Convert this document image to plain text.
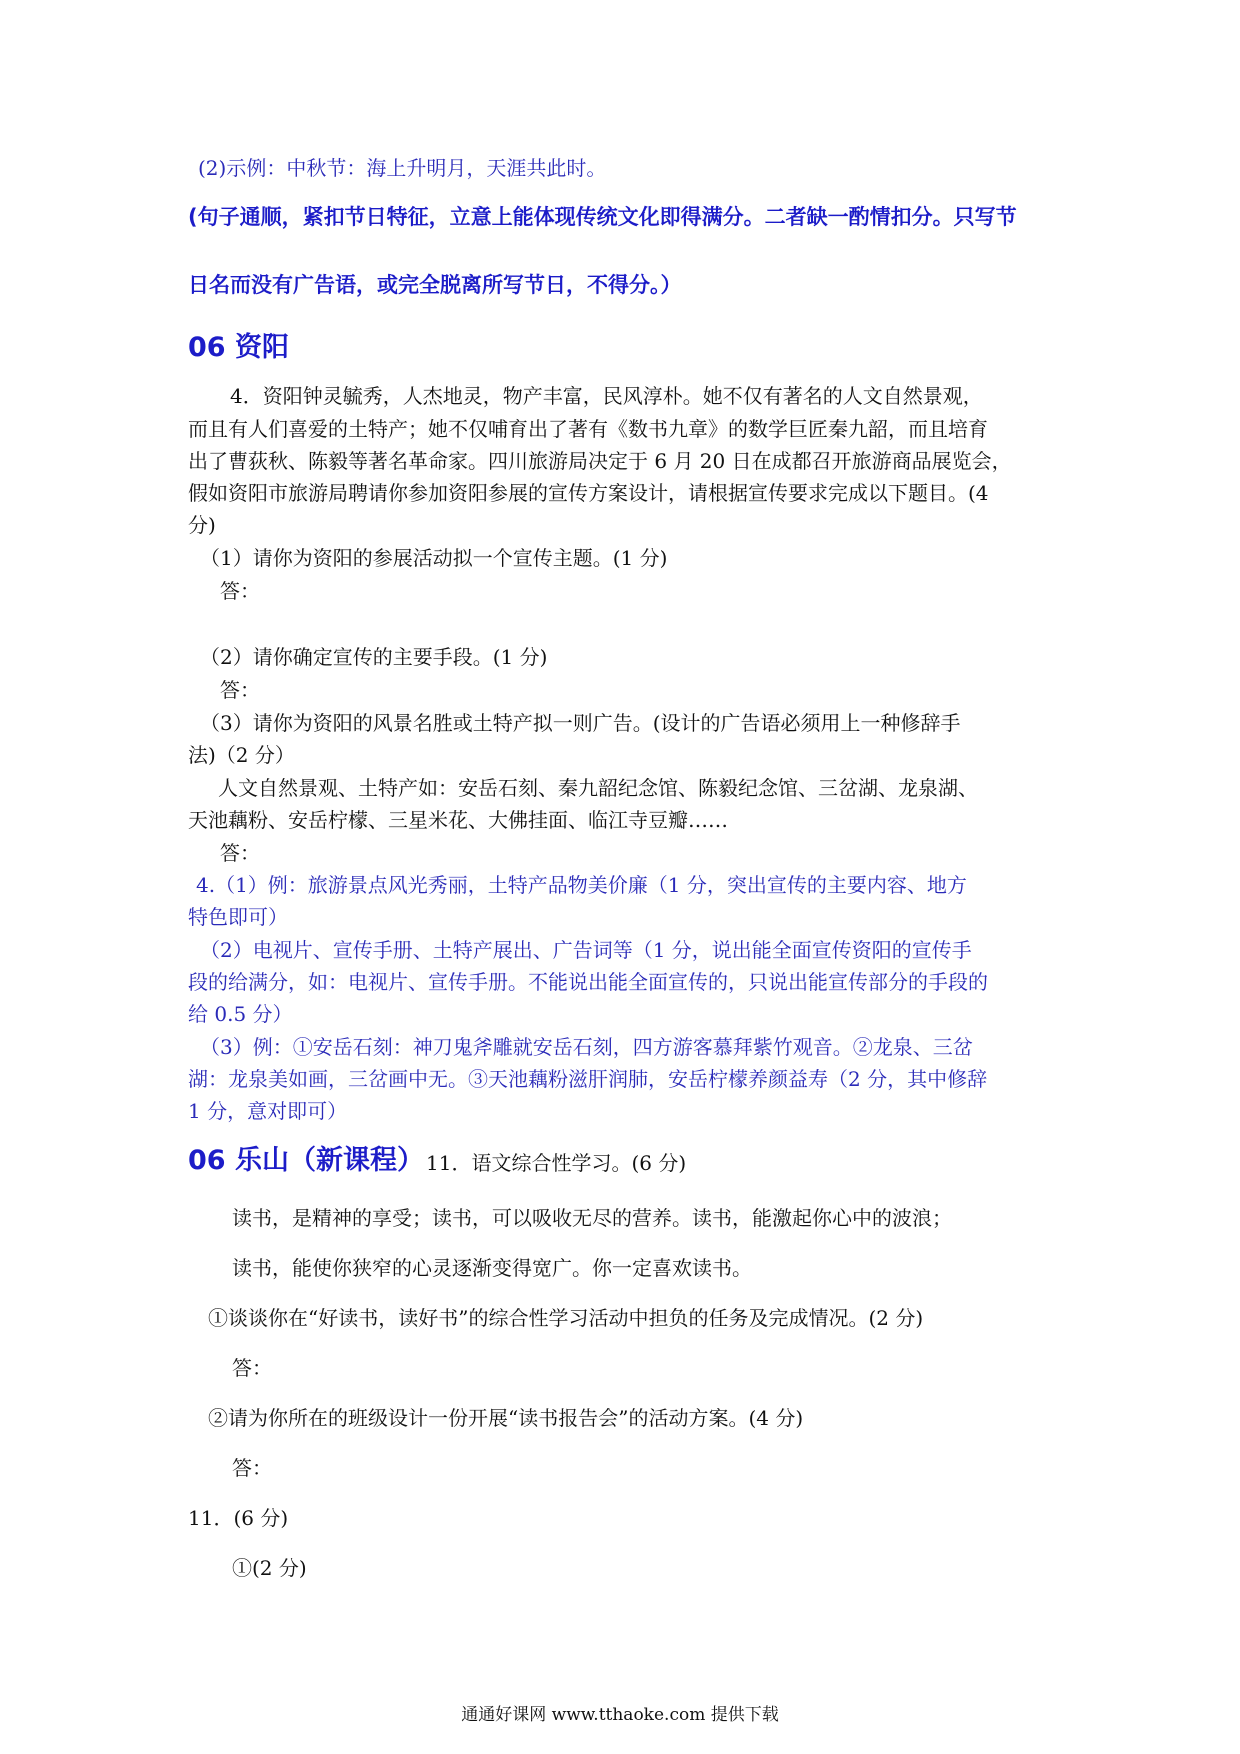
(2)示例：中秋节：海上升明月，天涯共此时。
(句子通顺，紧扣节日特征，立意上能体现传统文化即得满分。二者缺一酌情扣分。只写节
日名而没有广告语，或完全脱离所写节日，不得分。）
06 资阳
4．资阳钟灵毓秀，人杰地灵，物产丰富，民风淳朴。她不仅有著名的人文自然景观，
而且有人们喜爱的土特产；她不仅哺育出了著有《数书九章》的数学巨匠秦九韶，而且培育
出了曹荻秋、陈毅等著名革命家。四川旅游局决定于 6 月 20 日在成都召开旅游商品展览会，
假如资阳市旅游局聘请你参加资阳参展的宣传方案设计，请根据宣传要求完成以下题目。(4
分)
（1）请你为资阳的参展活动拟一个宣传主题。(1 分)
答：
（2）请你确定宣传的主要手段。(1 分)
答：
（3）请你为资阳的风景名胜或土特产拟一则广告。(设计的广告语必须用上一种修辞手
法)（2 分）
人文自然景观、土特产如：安岳石刻、秦九韶纪念馆、陈毅纪念馆、三岔湖、龙泉湖、
天池藕粉、安岳柠檬、三星米花、大佛挂面、临江寺豆瓣……
答：
4.（1）例：旅游景点风光秀丽，土特产品物美价廉（1 分，突出宣传的主要内容、地方
特色即可）
（2）电视片、宣传手册、土特产展出、广告词等（1 分，说出能全面宣传资阳的宣传手
段的给满分，如：电视片、宣传手册。不能说出能全面宣传的，只说出能宣传部分的手段的
给 0.5 分）
（3）例：①安岳石刻：神刀鬼斧雕就安岳石刻，四方游客慕拜紫竹观音。②龙泉、三岔
湖：龙泉美如画，三岔画中无。③天池藕粉滋肝润肺，安岳柠檬养颜益寿（2 分，其中修辞
1 分，意对即可）
06 乐山（新课程） 11．语文综合性学习。(6 分)
读书，是精神的享受；读书，可以吸收无尽的营养。读书，能激起你心中的波浪；
读书，能使你狭窄的心灵逐渐变得宽广。你一定喜欢读书。
①谈谈你在“好读书，读好书”的综合性学习活动中担负的任务及完成情况。(2 分)
答：
②请为你所在的班级设计一份开展“读书报告会”的活动方案。(4 分)
答：
11．(6 分)
①(2 分)
通通好课网 www.tthaoke.com 提供下载
